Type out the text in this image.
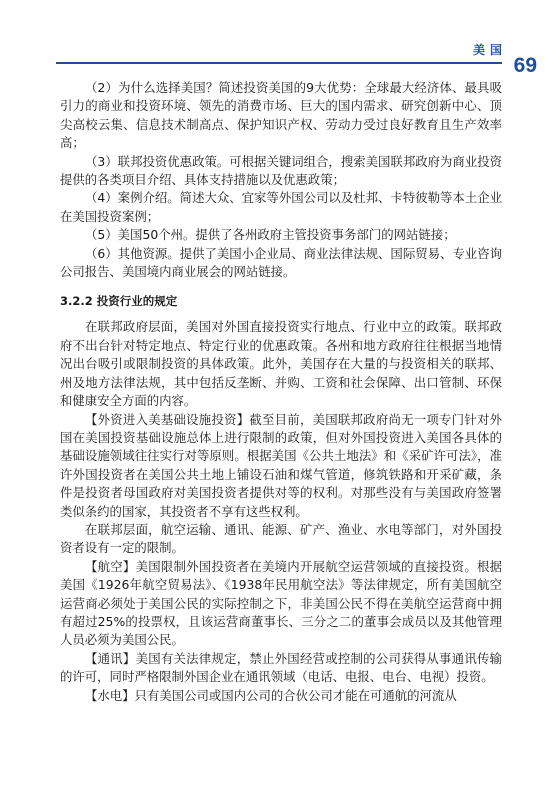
美国
69

（2）为什么选择美国？简述投资美国的9大优势：全球最大经济体、最具吸引力的商业和投资环境、领先的消费市场、巨大的国内需求、研究创新中心、顶尖高校云集、信息技术制高点、保护知识产权、劳动力受过良好教育且生产效率高；

（3）联邦投资优惠政策。可根据关键词组合，搜索美国联邦政府为商业投资提供的各类项目介绍、具体支持措施以及优惠政策；

（4）案例介绍。简述大众、宜家等外国公司以及杜邦、卡特彼勒等本土企业在美国投资案例；

（5）美国50个州。提供了各州政府主管投资事务部门的网站链接；

（6）其他资源。提供了美国小企业局、商业法律法规、国际贸易、专业咨询公司报告、美国境内商业展会的网站链接。

3.2.2 投资行业的规定

在联邦政府层面，美国对外国直接投资实行地点、行业中立的政策。联邦政府不出台针对特定地点、特定行业的优惠政策。各州和地方政府往往根据当地情况出台吸引或限制投资的具体政策。此外，美国存在大量的与投资相关的联邦、州及地方法律法规，其中包括反垄断、并购、工资和社会保障、出口管制、环保和健康安全方面的内容。

【外资进入美基础设施投资】截至目前，美国联邦政府尚无一项专门针对外国在美国投资基础设施总体上进行限制的政策，但对外国投资进入美国各具体的基础设施领域往往实行对等原则。根据美国《公共土地法》和《采矿许可法》，准许外国投资者在美国公共土地上铺设石油和煤气管道，修筑铁路和开采矿藏，条件是投资者母国政府对美国投资者提供对等的权利。对那些没有与美国政府签署类似条约的国家，其投资者不享有这些权利。

在联邦层面，航空运输、通讯、能源、矿产、渔业、水电等部门，对外国投资者设有一定的限制。

【航空】美国限制外国投资者在美境内开展航空运营领域的直接投资。根据美国《1926年航空贸易法》、《1938年民用航空法》等法律规定，所有美国航空运营商必须处于美国公民的实际控制之下，非美国公民不得在美航空运营商中拥有超过25%的投票权，且该运营商董事长、三分之二的董事会成员以及其他管理人员必须为美国公民。

【通讯】美国有关法律规定，禁止外国经营或控制的公司获得从事通讯传输的许可，同时严格限制外国企业在通讯领域（电话、电报、电台、电视）投资。

【水电】只有美国公司或国内公司的合伙公司才能在可通航的河流从
